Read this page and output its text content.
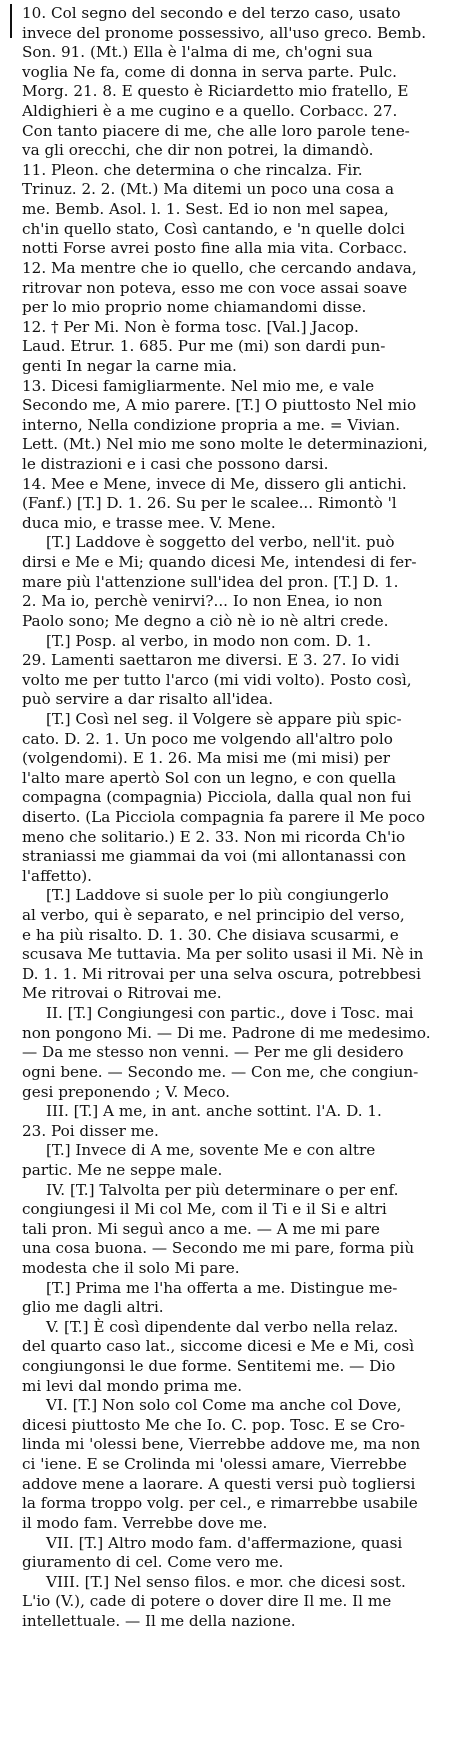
10. Col segno del secondo e del terzo caso, usato
invece del pronome possessivo, all'uso greco. Bemb.
Son. 91. (Mt.) Ella è l'alma di me, ch'ogni sua
voglia Ne fa, come di donna in serva parte. Pulc.
Morg. 21. 8. E questo è Riciardetto mio fratello, E
Aldighieri è a me cugino e a quello. Corbacc. 27.
Con tanto piacere di me, che alle loro parole tene-
va gli orecchi, che dir non potrei, la dimandò.
11. Pleon. che determina o che rincalza. Fir.
Trinuz. 2. 2. (Mt.) Ma ditemi un poco una cosa a
me. Bemb. Asol. l. 1. Sest. Ed io non mel sapea,
ch'in quello stato, Così cantando, e 'n quelle dolci
notti Forse avrei posto fine alla mia vita. Corbacc.
12. Ma mentre che io quello, che cercando andava,
ritrovar non poteva, esso me con voce assai soave
per lo mio proprio nome chiamandomi disse.
12. † Per Mi. Non è forma tosc. [Val.] Jacop.
Laud. Etrur. 1. 685. Pur me (mi) son dardi pun-
genti In negar la carne mia.
13. Dicesi famigliarmente. Nel mio me, e vale
Secondo me, A mio parere. [T.] O piuttosto Nel mio
interno, Nella condizione propria a me. = Vivian.
Lett. (Mt.) Nel mio me sono molte le determinazioni,
le distrazioni e i casi che possono darsi.
14. Mee e Mene, invece di Me, dissero gli antichi.
(Fanf.) [T.] D. 1. 26. Su per le scalee... Rimontò 'l
duca mio, e trasse mee. V. Mene.
[T.] Laddove è soggetto del verbo, nell'it. può
dirsi e Me e Mi; quando dicesi Me, intendesi di fer-
mare più l'attenzione sull'idea del pron. [T.] D. 1.
2. Ma io, perchè venirvi?... Io non Enea, io non
Paolo sono; Me degno a ciò nè io nè altri crede.
[T.] Posp. al verbo, in modo non com. D. 1.
29. Lamenti saettaron me diversi. E 3. 27. Io vidi
volto me per tutto l'arco (mi vidi volto). Posto così,
può servire a dar risalto all'idea.
[T.] Così nel seg. il Volgere sè appare più spic-
cato. D. 2. 1. Un poco me volgendo all'altro polo
(volgendomi). E 1. 26. Ma misi me (mi misi) per
l'alto mare apertò Sol con un legno, e con quella
compagna (compagnia) Picciola, dalla qual non fui
diserto. (La Picciola compagnia fa parere il Me poco
meno che solitario.) E 2. 33. Non mi ricorda Ch'io
straniassi me giammai da voi (mi allontanassi con
l'affetto).
[T.] Laddove si suole per lo più congiungerlo
al verbo, qui è separato, e nel principio del verso,
e ha più risalto. D. 1. 30. Che disiava scusarmi, e
scusava Me tuttavia. Ma per solito usasi il Mi. Nè in
D. 1. 1. Mi ritrovai per una selva oscura, potrebbesi
Me ritrovai o Ritrovai me.
II. [T.] Congiungesi con partic., dove i Tosc. mai
non pongono Mi. — Di me. Padrone di me medesimo.
— Da me stesso non venni. — Per me gli desidero
ogni bene. — Secondo me. — Con me, che congiun-
gesi preponendo ; V. Meco.
III. [T.] A me, in ant. anche sottint. l'A. D. 1.
23. Poi disser me.
[T.] Invece di A me, sovente Me e con altre
partic. Me ne seppe male.
IV. [T.] Talvolta per più determinare o per enf.
congiungesi il Mi col Me, com il Ti e il Si e altri
tali pron. Mi seguì anco a me. — A me mi pare
una cosa buona. — Secondo me mi pare, forma più
modesta che il solo Mi pare.
[T.] Prima me l'ha offerta a me. Distingue me-
glio me dagli altri.
V. [T.] È così dipendente dal verbo nella relaz.
del quarto caso lat., siccome dicesi e Me e Mi, così
congiungonsi le due forme. Sentitemi me. — Dio
mi levi dal mondo prima me.
VI. [T.] Non solo col Come ma anche col Dove,
dicesi piuttosto Me che Io. C. pop. Tosc. E se Cro-
linda mi 'olessi bene, Vierrebbe addove me, ma non
ci 'iene. E se Crolinda mi 'olessi amare, Vierrebbe
addove mene a laorare. A questi versi può togliersi
la forma troppo volg. per cel., e rimarrebbe usabile
il modo fam. Verrebbe dove me.
VII. [T.] Altro modo fam. d'affermazione, quasi
giuramento di cel. Come vero me.
VIII. [T.] Nel senso filos. e mor. che dicesi sost.
L'io (V.), cade di potere o dover dire Il me. Il me
intellettuale. — Il me della nazione.
